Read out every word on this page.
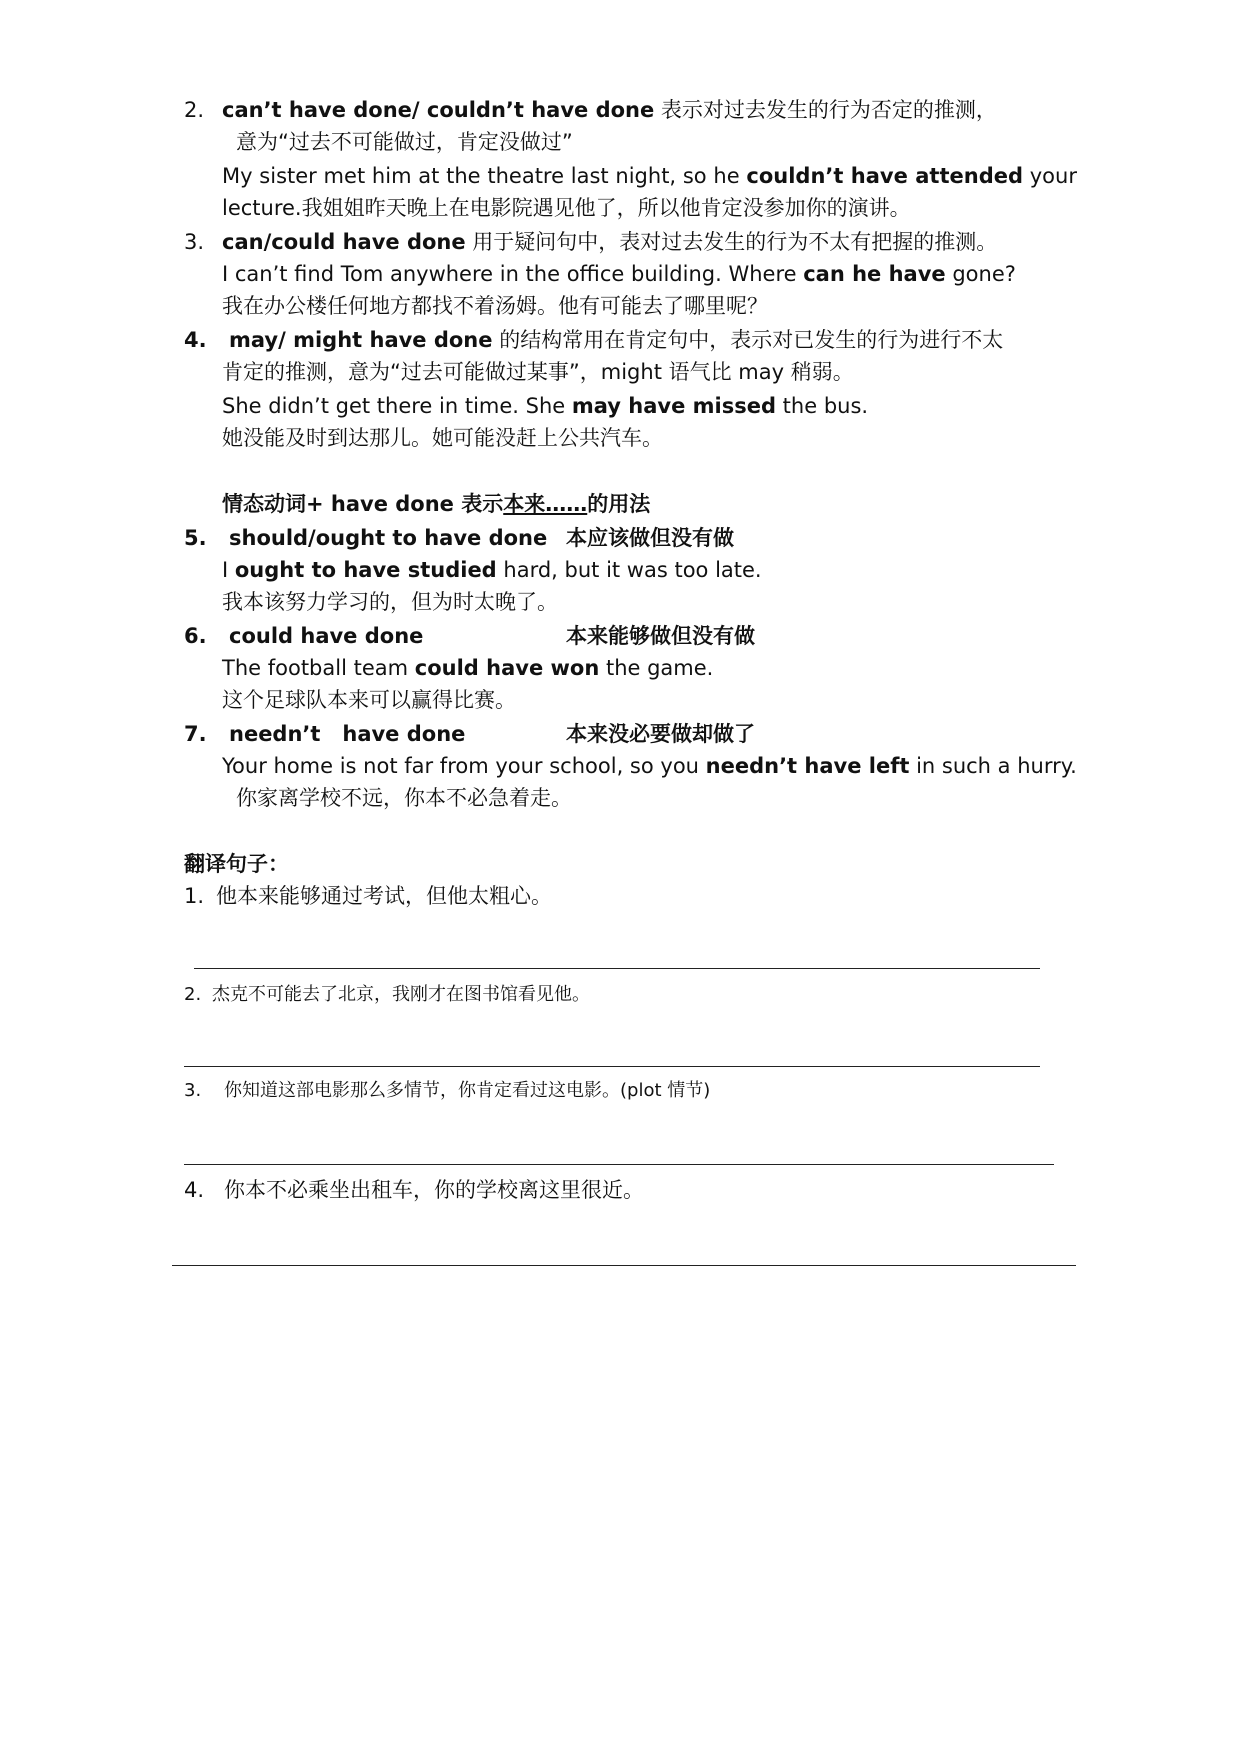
2. can’t have done/ couldn’t have done 表示对过去发生的行为否定的推测，
意为“过去不可能做过，肯定没做过”
My sister met him at the theatre last night, so he couldn’t have attended your
lecture.我姐姐昨天晚上在电影院遇见他了，所以他肯定没参加你的演讲。
3. can/could have done 用于疑问句中，表对过去发生的行为不太有把握的推测。
I can’t find Tom anywhere in the office building. Where can he have gone?
我在办公楼任何地方都找不着汤姆。他有可能去了哪里呢？
4. may/ might have done 的结构常用在肯定句中，表示对已发生的行为进行不太
肯定的推测，意为“过去可能做过某事”，might 语气比 may 稍弱。
She didn’t get there in time. She may have missed the bus.
她没能及时到达那儿。她可能没赶上公共汽车。
情态动词+ have done 表示本来……的用法
5. should/ought to have done 本应该做但没有做
I ought to have studied hard, but it was too late.
我本该努力学习的，但为时太晚了。
6. could have done	本来能够做但没有做
The football team could have won the game.
这个足球队本来可以赢得比赛。
7. needn’t   have done	本来没必要做却做了
Your home is not far from your school, so you needn’t have left in such a hurry.
你家离学校不远，你本不必急着走。
翻译句子：
1. 他本来能够通过考试，但他太粗心。
2. 杰克不可能去了北京，我刚才在图书馆看见他。
3. 你知道这部电影那么多情节，你肯定看过这电影。(plot 情节)
4. 你本不必乘坐出租车，你的学校离这里很近。
